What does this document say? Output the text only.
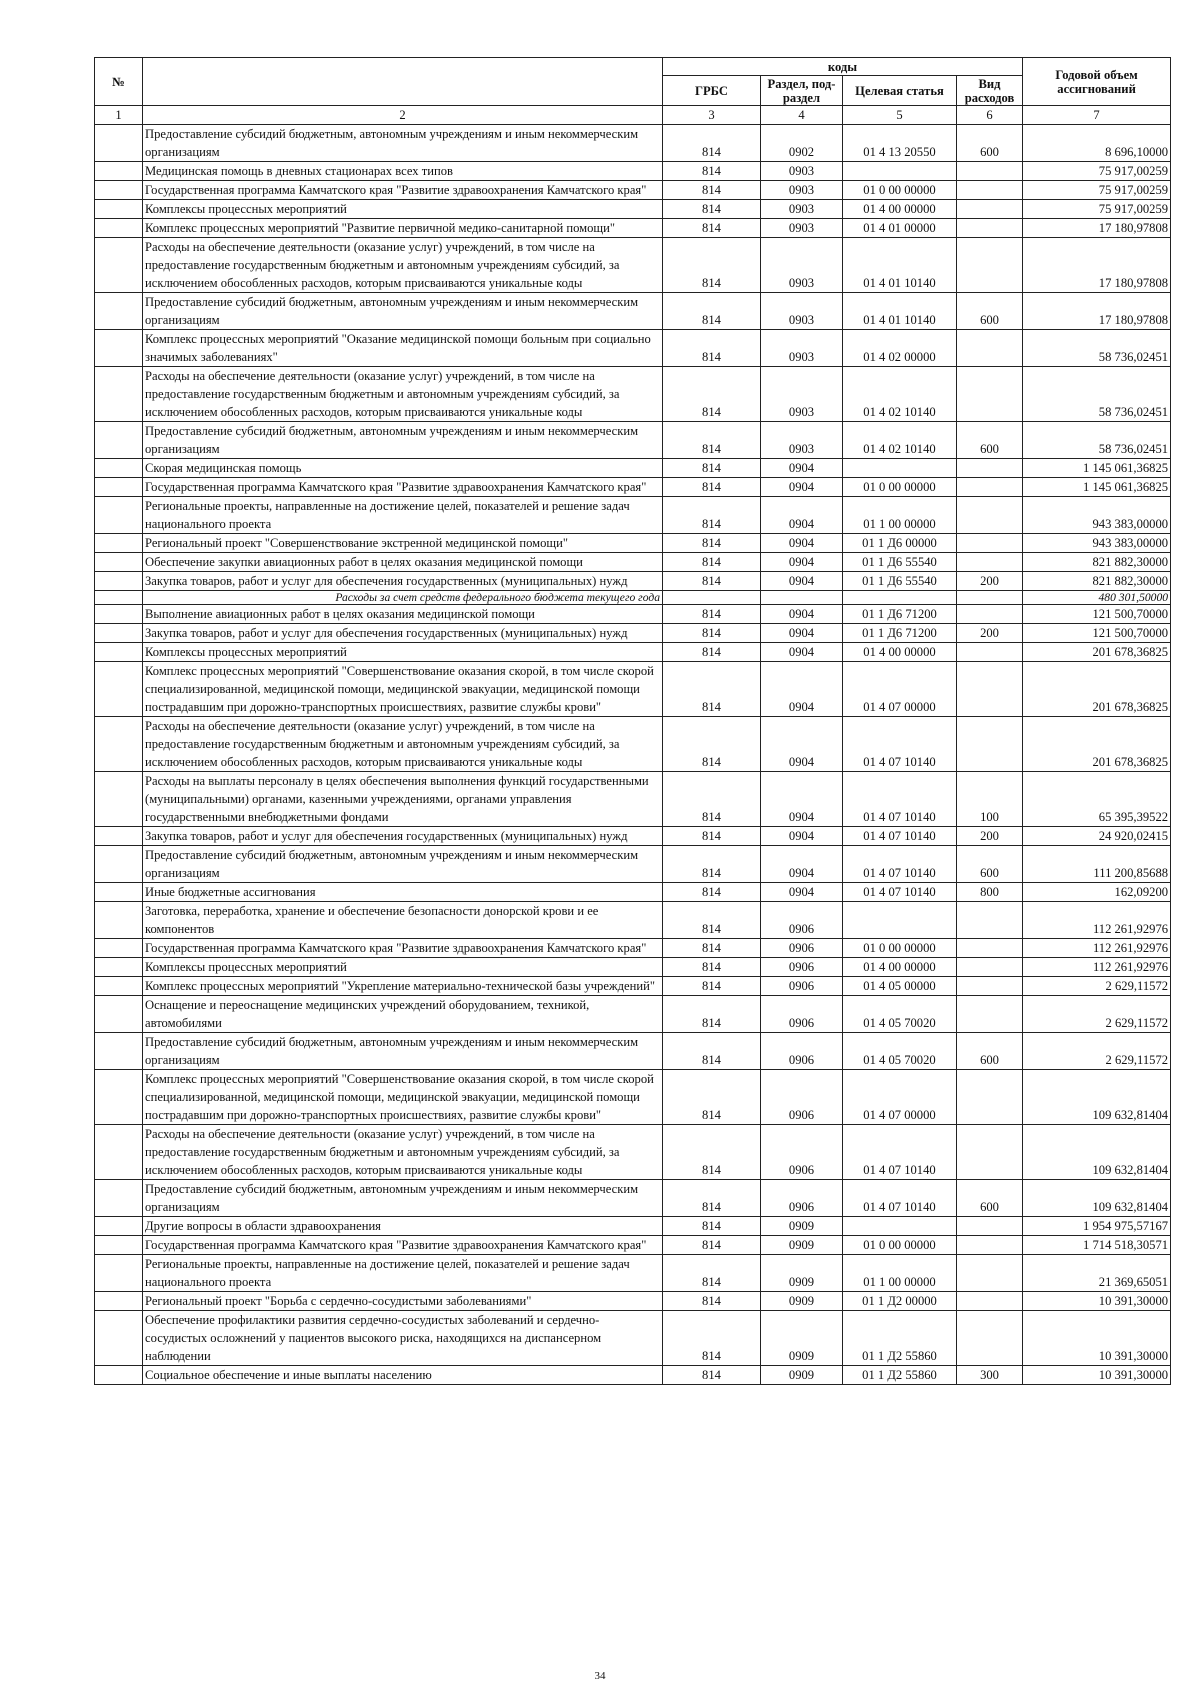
№		коды				Годовой объем ассигнований
		ГРБС	Раздел, под-раздел	Целевая статья	Вид расходов	
1	2	3	4	5	6	7
	Предоставление субсидий бюджетным, автономным учреждениям и иным некоммерческим организациям	814	0902	01 4 13 20550	600	8 696,10000
	Медицинская помощь в дневных стационарах всех типов	814	0903			75 917,00259
	Государственная программа Камчатского края "Развитие здравоохранения Камчатского края"	814	0903	01 0 00 00000		75 917,00259
	Комплексы процессных мероприятий	814	0903	01 4 00 00000		75 917,00259
	Комплекс процессных мероприятий "Развитие первичной медико-санитарной помощи"	814	0903	01 4 01 00000		17 180,97808
	Расходы на обеспечение деятельности (оказание услуг) учреждений, в том числе на предоставление государственным бюджетным и автономным учреждениям субсидий, за исключением обособленных расходов, которым присваиваются уникальные коды	814	0903	01 4 01 10140		17 180,97808
	Предоставление субсидий бюджетным, автономным учреждениям и иным некоммерческим организациям	814	0903	01 4 01 10140	600	17 180,97808
	Комплекс процессных мероприятий "Оказание медицинской помощи больным при социально значимых заболеваниях"	814	0903	01 4 02 00000		58 736,02451
	Расходы на обеспечение деятельности (оказание услуг) учреждений, в том числе на предоставление государственным бюджетным и автономным учреждениям субсидий, за исключением обособленных расходов, которым присваиваются уникальные коды	814	0903	01 4 02 10140		58 736,02451
	Предоставление субсидий бюджетным, автономным учреждениям и иным некоммерческим организациям	814	0903	01 4 02 10140	600	58 736,02451
	Скорая медицинская помощь	814	0904			1 145 061,36825
	Государственная программа Камчатского края "Развитие здравоохранения Камчатского края"	814	0904	01 0 00 00000		1 145 061,36825
	Региональные проекты, направленные на достижение целей, показателей и решение задач национального проекта	814	0904	01 1 00 00000		943 383,00000
	Региональный проект "Совершенствование экстренной медицинской помощи"	814	0904	01 1 Д6 00000		943 383,00000
	Обеспечение закупки авиационных работ в целях оказания медицинской помощи	814	0904	01 1 Д6 55540		821 882,30000
	Закупка товаров, работ и услуг для обеспечения государственных (муниципальных) нужд	814	0904	01 1 Д6 55540	200	821 882,30000
	Расходы за счет средств федерального бюджета текущего года					480 301,50000
	Выполнение авиационных работ в целях оказания медицинской помощи	814	0904	01 1 Д6 71200		121 500,70000
	Закупка товаров, работ и услуг для обеспечения государственных (муниципальных) нужд	814	0904	01 1 Д6 71200	200	121 500,70000
	Комплексы процессных мероприятий	814	0904	01 4 00 00000		201 678,36825
	Комплекс процессных мероприятий "Совершенствование оказания скорой, в том числе скорой специализированной, медицинской помощи, медицинской эвакуации, медицинской помощи пострадавшим при дорожно-транспортных происшествиях, развитие службы крови"	814	0904	01 4 07 00000		201 678,36825
	Расходы на обеспечение деятельности (оказание услуг) учреждений, в том числе на предоставление государственным бюджетным и автономным учреждениям субсидий, за исключением обособленных расходов, которым присваиваются уникальные коды	814	0904	01 4 07 10140		201 678,36825
	Расходы на выплаты персоналу в целях обеспечения выполнения функций государственными (муниципальными) органами, казенными учреждениями, органами управления государственными внебюджетными фондами	814	0904	01 4 07 10140	100	65 395,39522
	Закупка товаров, работ и услуг для обеспечения государственных (муниципальных) нужд	814	0904	01 4 07 10140	200	24 920,02415
	Предоставление субсидий бюджетным, автономным учреждениям и иным некоммерческим организациям	814	0904	01 4 07 10140	600	111 200,85688
	Иные бюджетные ассигнования	814	0904	01 4 07 10140	800	162,09200
	Заготовка, переработка, хранение и обеспечение безопасности донорской крови и ее компонентов	814	0906			112 261,92976
	Государственная программа Камчатского края "Развитие здравоохранения Камчатского края"	814	0906	01 0 00 00000		112 261,92976
	Комплексы процессных мероприятий	814	0906	01 4 00 00000		112 261,92976
	Комплекс процессных мероприятий "Укрепление материально-технической базы учреждений"	814	0906	01 4 05 00000		2 629,11572
	Оснащение и переоснащение медицинских учреждений оборудованием, техникой, автомобилями	814	0906	01 4 05 70020		2 629,11572
	Предоставление субсидий бюджетным, автономным учреждениям и иным некоммерческим организациям	814	0906	01 4 05 70020	600	2 629,11572
	Комплекс процессных мероприятий "Совершенствование оказания скорой, в том числе скорой специализированной, медицинской помощи, медицинской эвакуации, медицинской помощи пострадавшим при дорожно-транспортных происшествиях, развитие службы крови"	814	0906	01 4 07 00000		109 632,81404
	Расходы на обеспечение деятельности (оказание услуг) учреждений, в том числе на предоставление государственным бюджетным и автономным учреждениям субсидий, за исключением обособленных расходов, которым присваиваются уникальные коды	814	0906	01 4 07 10140		109 632,81404
	Предоставление субсидий бюджетным, автономным учреждениям и иным некоммерческим организациям	814	0906	01 4 07 10140	600	109 632,81404
	Другие вопросы в области здравоохранения	814	0909			1 954 975,57167
	Государственная программа Камчатского края "Развитие здравоохранения Камчатского края"	814	0909	01 0 00 00000		1 714 518,30571
	Региональные проекты, направленные на достижение целей, показателей и решение задач национального проекта	814	0909	01 1 00 00000		21 369,65051
	Региональный проект "Борьба с сердечно-сосудистыми заболеваниями"	814	0909	01 1 Д2 00000		10 391,30000
	Обеспечение профилактики развития сердечно-сосудистых заболеваний и сердечно-сосудистых осложнений у пациентов высокого риска, находящихся на диспансерном наблюдении	814	0909	01 1 Д2 55860		10 391,30000
	Социальное обеспечение и иные выплаты населению	814	0909	01 1 Д2 55860	300	10 391,30000
34
